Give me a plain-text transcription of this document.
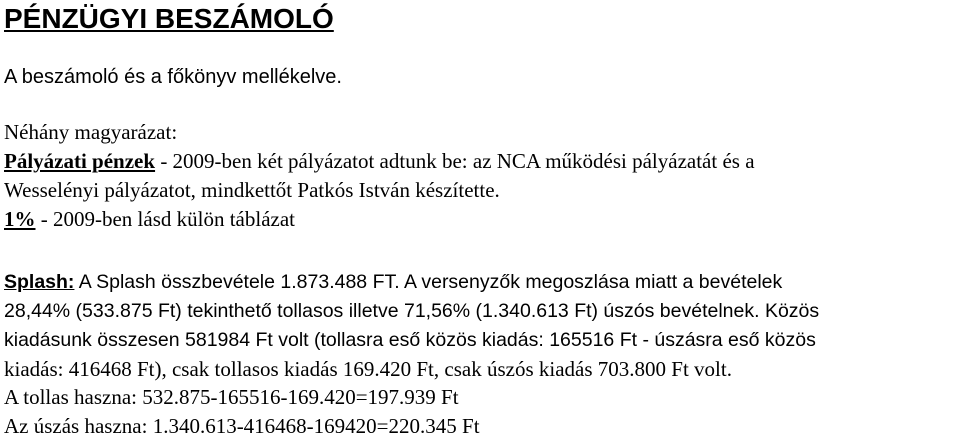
PÉNZÜGYI BESZÁMOLÓ
A beszámoló és a főkönyv mellékelve.

Néhány magyarázat:

Pályázati pénzek - 2009-ben két pályázatot adtunk be: az NCA működési pályázatát és a

Wesselényi pályázatot, mindkettőt Patkós István készítette.

1% - 2009-ben lásd külön táblázat

Splash: A Splash összbevétele 1.873.488 FT. A versenyzők megoszlása miatt a bevételek

28,44% (533.875 Ft) tekinthető tollasos illetve 71,56% (1.340.613 Ft) úszós bevételnek. Közös

kiadásunk összesen 581984 Ft volt (tollasra eső közös kiadás: 165516 Ft - úszásra eső közös

kiadás: 416468 Ft), csak tollasos kiadás 169.420 Ft, csak úszós kiadás 703.800 Ft volt.

A tollas haszna: 532.875-165516-169.420=197.939 Ft

Az úszás haszna: 1.340.613-416468-169420=220.345 Ft
